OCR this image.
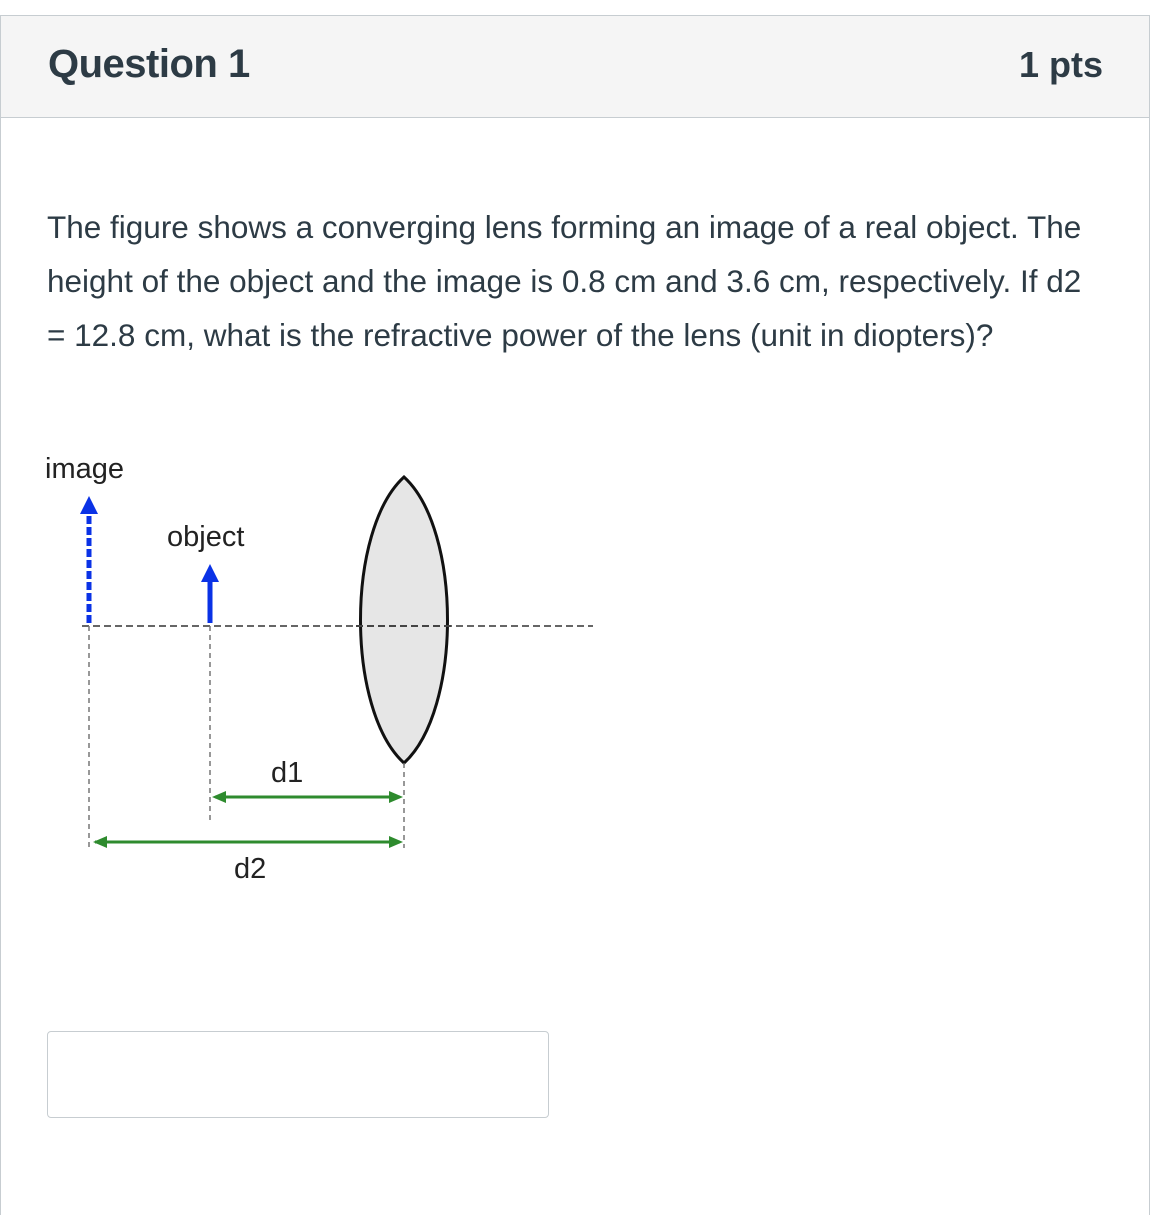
Question 1	1 pts
The figure shows a converging lens forming an image of a real object. The height of the object and the image is 0.8 cm and 3.6 cm, respectively. If d2 = 12.8 cm, what is the refractive power of the lens (unit in diopters)?
image
object
d1
d2
